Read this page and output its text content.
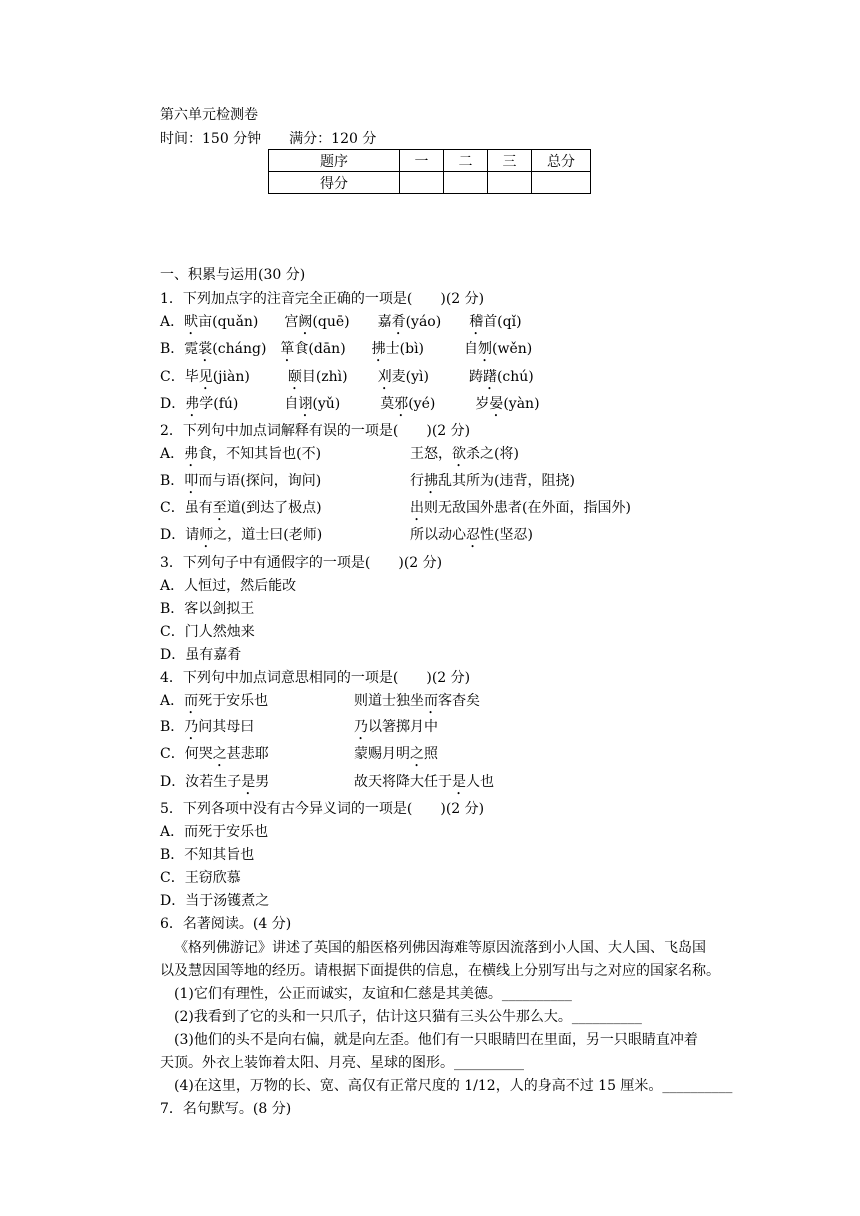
第六单元检测卷
时间：150 分钟　　满分：120 分
题序	一	二	三	总分
得分				
一、积累与运用(30 分)
1．下列加点字的注音完全正确的一项是(　　)(2 分)
A．畎亩(quǎn) 宫阙(quē) 嘉肴(yáo) 稽首(qǐ)
B．霓裳(cháng) 箪食(dān) 拂士(bì)	自刎(wěn)
C．毕见(jiàn)	颐目(zhì) 刈麦(yì)	踌躇(chú)
D．弗学(fú)	自诩(yǔ)	莫邪(yé)	岁晏(yàn)
2．下列句中加点词解释有误的一项是(　　)(2 分)
A．弗食，不知其旨也(不)	王怒，欲杀之(将)
B．叩而与语(探问，询问)	行拂乱其所为(违背，阻挠)
C．虽有至道(到达了极点)	出则无敌国外患者(在外面，指国外)
D．请师之，道士曰(老师)	所以动心忍性(坚忍)
3．下列句子中有通假字的一项是(　　)(2 分)
A．人恒过，然后能改
B．客以剑拟王
C．门人然烛来
D．虽有嘉肴
4．下列句中加点词意思相同的一项是(　　)(2 分)
A．而死于安乐也	则道士独坐而客杳矣
B．乃问其母曰	乃以箸掷月中
C．何哭之甚悲耶	蒙赐月明之照
D．汝若生子是男	故天将降大任于是人也
5．下列各项中没有古今异义词的一项是(　　)(2 分)
A．而死于安乐也
B．不知其旨也
C．王窃欣慕
D．当于汤镬煮之
6．名著阅读。(4 分)
《格列佛游记》讲述了英国的船医格列佛因海难等原因流落到小人国、大人国、飞岛国
以及慧因国等地的经历。请根据下面提供的信息，在横线上分别写出与之对应的国家名称。
(1)它们有理性，公正而诚实，友谊和仁慈是其美德。__________
(2)我看到了它的头和一只爪子，估计这只猫有三头公牛那么大。__________
(3)他们的头不是向右偏，就是向左歪。他们有一只眼睛凹在里面，另一只眼睛直冲着
天顶。外衣上装饰着太阳、月亮、星球的图形。__________
(4)在这里，万物的长、宽、高仅有正常尺度的 1/12，人的身高不过 15 厘米。__________
7．名句默写。(8 分)
